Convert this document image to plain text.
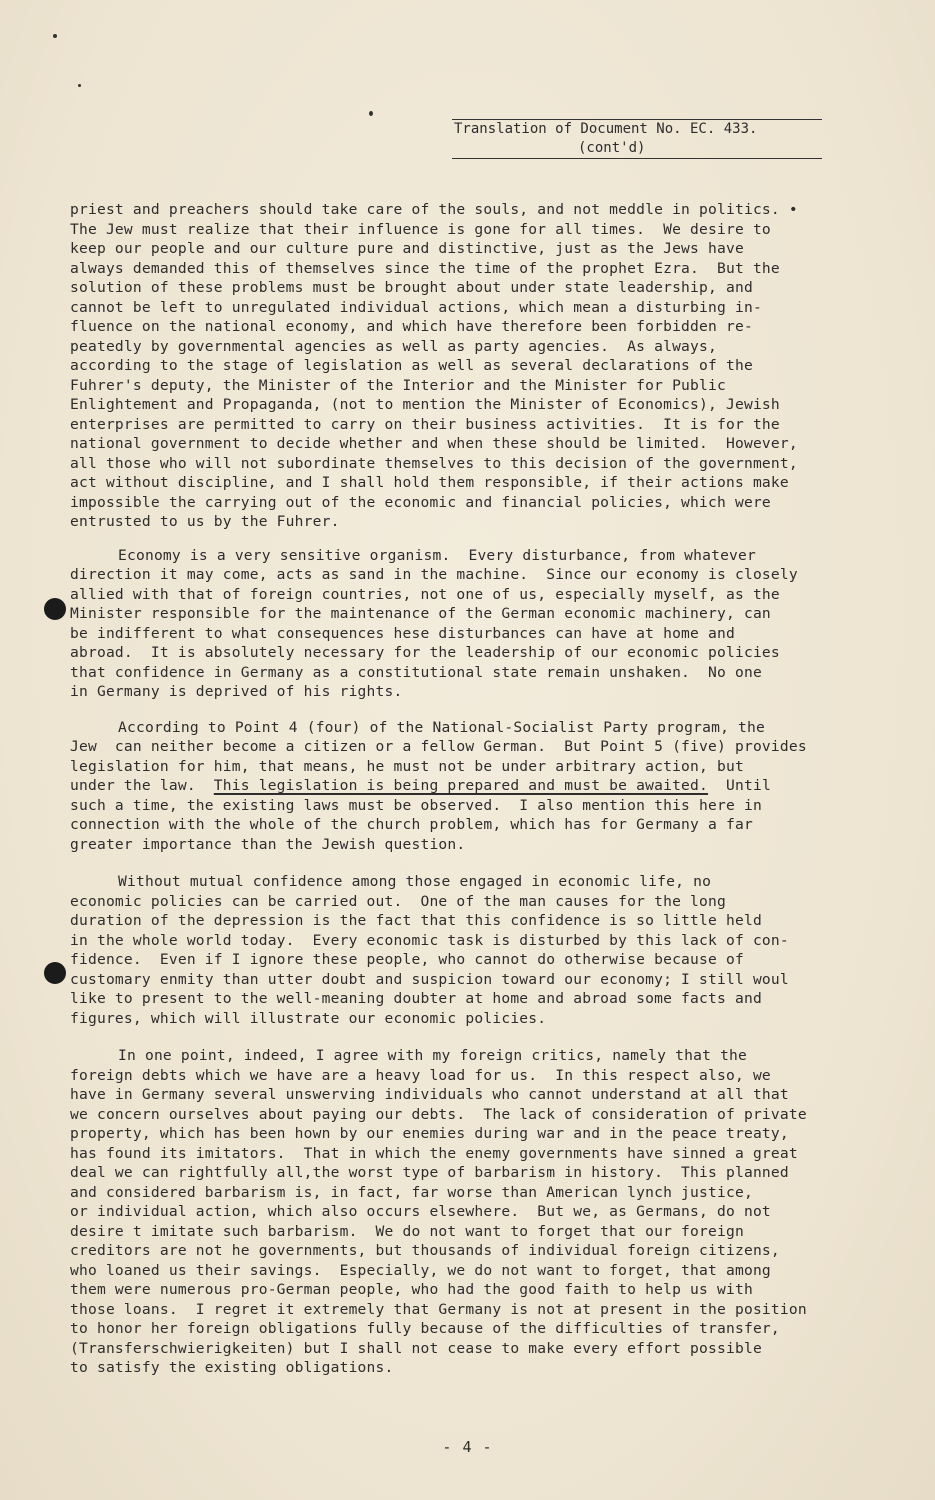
Translation of Document No. EC. 433.
(cont'd)
priest and preachers should take care of the souls, and not meddle in politics. •
The Jew must realize that their influence is gone for all times.  We desire to
keep our people and our culture pure and distinctive, just as the Jews have
always demanded this of themselves since the time of the prophet Ezra.  But the
solution of these problems must be brought about under state leadership, and
cannot be left to unregulated individual actions, which mean a disturbing in-
fluence on the national economy, and which have therefore been forbidden re-
peatedly by governmental agencies as well as party agencies.  As always,
according to the stage of legislation as well as several declarations of the
Fuhrer's deputy, the Minister of the Interior and the Minister for Public
Enlightement and Propaganda, (not to mention the Minister of Economics), Jewish
enterprises are permitted to carry on their business activities.  It is for the
national government to decide whether and when these should be limited.  However,
all those who will not subordinate themselves to this decision of the government,
act without discipline, and I shall hold them responsible, if their actions make
impossible the carrying out of the economic and financial policies, which were
entrusted to us by the Fuhrer.
Economy is a very sensitive organism.  Every disturbance, from whatever
direction it may come, acts as sand in the machine.  Since our economy is closely
allied with that of foreign countries, not one of us, especially myself, as the
Minister responsible for the maintenance of the German economic machinery, can
be indifferent to what consequences hese disturbances can have at home and
abroad.  It is absolutely necessary for the leadership of our economic policies
that confidence in Germany as a constitutional state remain unshaken.  No one
in Germany is deprived of his rights.
According to Point 4 (four) of the National-Socialist Party program, the
Jew  can neither become a citizen or a fellow German.  But Point 5 (five) provides
legislation for him, that means, he must not be under arbitrary action, but
under the law.  This legislation is being prepared and must be awaited.  Until
such a time, the existing laws must be observed.  I also mention this here in
connection with the whole of the church problem, which has for Germany a far
greater importance than the Jewish question.
Without mutual confidence among those engaged in economic life, no
economic policies can be carried out.  One of the man causes for the long
duration of the depression is the fact that this confidence is so little held
in the whole world today.  Every economic task is disturbed by this lack of con-
fidence.  Even if I ignore these people, who cannot do otherwise because of
customary enmity than utter doubt and suspicion toward our economy; I still woul
like to present to the well-meaning doubter at home and abroad some facts and
figures, which will illustrate our economic policies.
In one point, indeed, I agree with my foreign critics, namely that the
foreign debts which we have are a heavy load for us.  In this respect also, we
have in Germany several unswerving individuals who cannot understand at all that
we concern ourselves about paying our debts.  The lack of consideration of private
property, which has been hown by our enemies during war and in the peace treaty,
has found its imitators.  That in which the enemy governments have sinned a great
deal we can rightfully all,the worst type of barbarism in history.  This planned
and considered barbarism is, in fact, far worse than American lynch justice,
or individual action, which also occurs elsewhere.  But we, as Germans, do not
desire t imitate such barbarism.  We do not want to forget that our foreign
creditors are not he governments, but thousands of individual foreign citizens,
who loaned us their savings.  Especially, we do not want to forget, that among
them were numerous pro-German people, who had the good faith to help us with
those loans.  I regret it extremely that Germany is not at present in the position
to honor her foreign obligations fully because of the difficulties of transfer,
(Transferschwierigkeiten) but I shall not cease to make every effort possible
to satisfy the existing obligations.
- 4 -
